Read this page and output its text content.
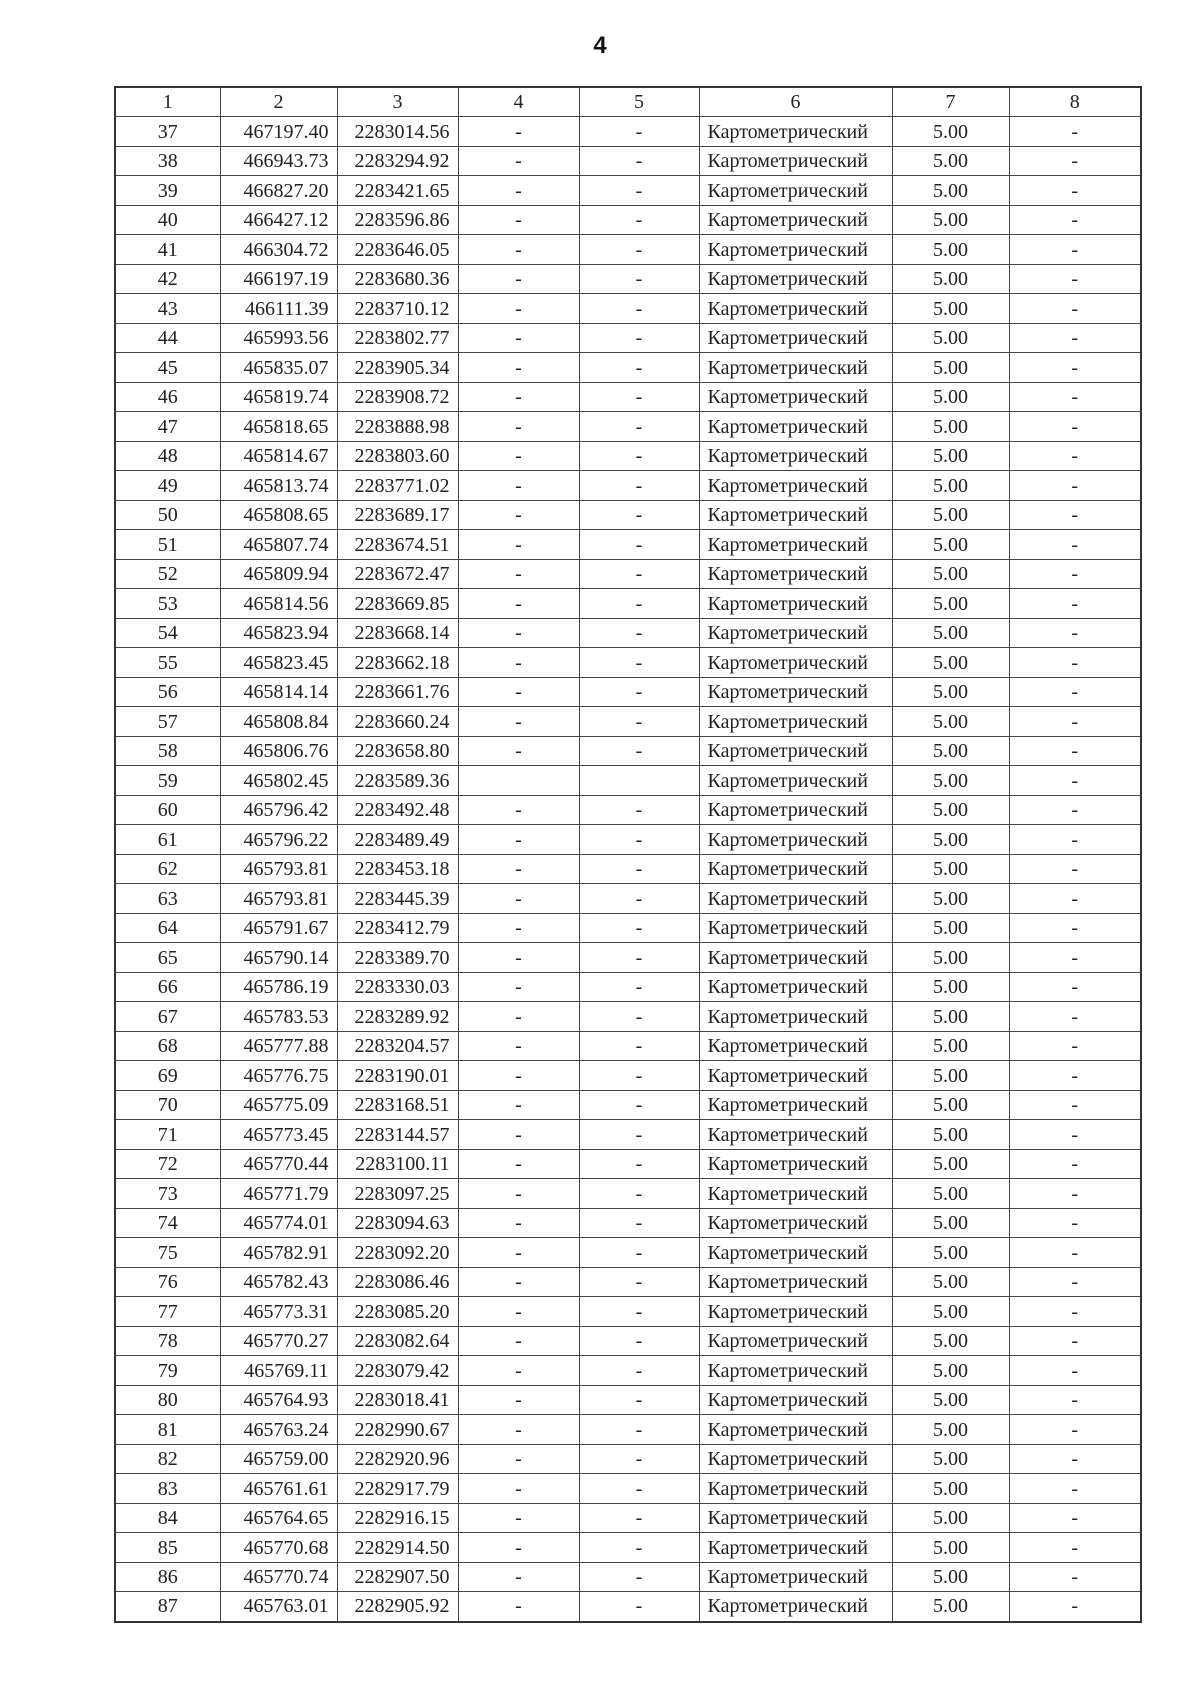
4
1	2	3	4	5	6	7	8
37	467197.40	2283014.56	-	-	Картометрический	5.00	-
38	466943.73	2283294.92	-	-	Картометрический	5.00	-
39	466827.20	2283421.65	-	-	Картометрический	5.00	-
40	466427.12	2283596.86	-	-	Картометрический	5.00	-
41	466304.72	2283646.05	-	-	Картометрический	5.00	-
42	466197.19	2283680.36	-	-	Картометрический	5.00	-
43	466111.39	2283710.12	-	-	Картометрический	5.00	-
44	465993.56	2283802.77	-	-	Картометрический	5.00	-
45	465835.07	2283905.34	-	-	Картометрический	5.00	-
46	465819.74	2283908.72	-	-	Картометрический	5.00	-
47	465818.65	2283888.98	-	-	Картометрический	5.00	-
48	465814.67	2283803.60	-	-	Картометрический	5.00	-
49	465813.74	2283771.02	-	-	Картометрический	5.00	-
50	465808.65	2283689.17	-	-	Картометрический	5.00	-
51	465807.74	2283674.51	-	-	Картометрический	5.00	-
52	465809.94	2283672.47	-	-	Картометрический	5.00	-
53	465814.56	2283669.85	-	-	Картометрический	5.00	-
54	465823.94	2283668.14	-	-	Картометрический	5.00	-
55	465823.45	2283662.18	-	-	Картометрический	5.00	-
56	465814.14	2283661.76	-	-	Картометрический	5.00	-
57	465808.84	2283660.24	-	-	Картометрический	5.00	-
58	465806.76	2283658.80	-	-	Картометрический	5.00	-
59	465802.45	2283589.36			Картометрический	5.00	-
60	465796.42	2283492.48	-	-	Картометрический	5.00	-
61	465796.22	2283489.49	-	-	Картометрический	5.00	-
62	465793.81	2283453.18	-	-	Картометрический	5.00	-
63	465793.81	2283445.39	-	-	Картометрический	5.00	-
64	465791.67	2283412.79	-	-	Картометрический	5.00	-
65	465790.14	2283389.70	-	-	Картометрический	5.00	-
66	465786.19	2283330.03	-	-	Картометрический	5.00	-
67	465783.53	2283289.92	-	-	Картометрический	5.00	-
68	465777.88	2283204.57	-	-	Картометрический	5.00	-
69	465776.75	2283190.01	-	-	Картометрический	5.00	-
70	465775.09	2283168.51	-	-	Картометрический	5.00	-
71	465773.45	2283144.57	-	-	Картометрический	5.00	-
72	465770.44	2283100.11	-	-	Картометрический	5.00	-
73	465771.79	2283097.25	-	-	Картометрический	5.00	-
74	465774.01	2283094.63	-	-	Картометрический	5.00	-
75	465782.91	2283092.20	-	-	Картометрический	5.00	-
76	465782.43	2283086.46	-	-	Картометрический	5.00	-
77	465773.31	2283085.20	-	-	Картометрический	5.00	-
78	465770.27	2283082.64	-	-	Картометрический	5.00	-
79	465769.11	2283079.42	-	-	Картометрический	5.00	-
80	465764.93	2283018.41	-	-	Картометрический	5.00	-
81	465763.24	2282990.67	-	-	Картометрический	5.00	-
82	465759.00	2282920.96	-	-	Картометрический	5.00	-
83	465761.61	2282917.79	-	-	Картометрический	5.00	-
84	465764.65	2282916.15	-	-	Картометрический	5.00	-
85	465770.68	2282914.50	-	-	Картометрический	5.00	-
86	465770.74	2282907.50	-	-	Картометрический	5.00	-
87	465763.01	2282905.92	-	-	Картометрический	5.00	-
